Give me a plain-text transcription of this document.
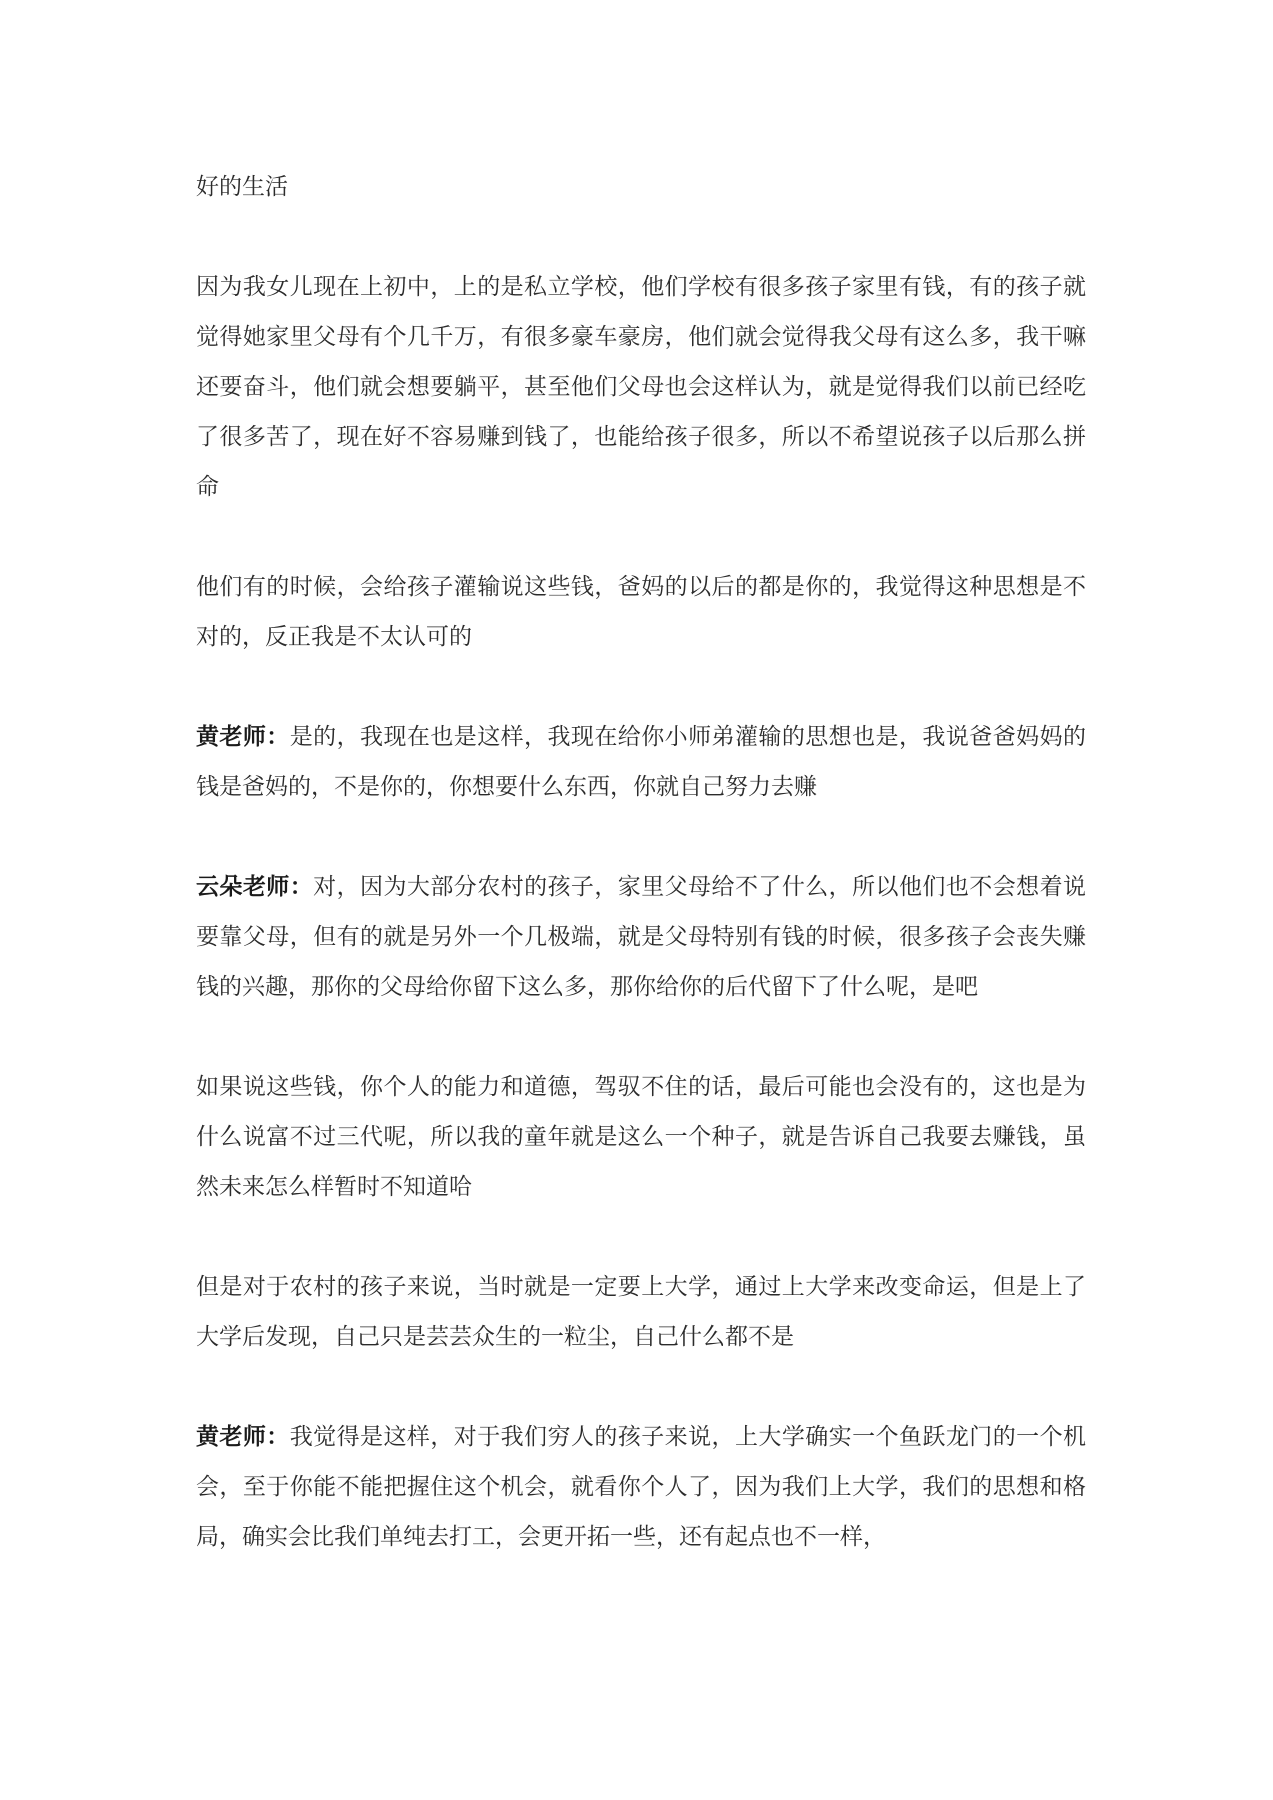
好的生活

因为我女儿现在上初中，上的是私立学校，他们学校有很多孩子家里有钱，有的孩子就觉得她家里父母有个几千万，有很多豪车豪房，他们就会觉得我父母有这么多，我干嘛还要奋斗，他们就会想要躺平，甚至他们父母也会这样认为，就是觉得我们以前已经吃了很多苦了，现在好不容易赚到钱了，也能给孩子很多，所以不希望说孩子以后那么拼命

他们有的时候，会给孩子灌输说这些钱，爸妈的以后的都是你的，我觉得这种思想是不对的，反正我是不太认可的

黄老师：是的，我现在也是这样，我现在给你小师弟灌输的思想也是，我说爸爸妈妈的钱是爸妈的，不是你的，你想要什么东西，你就自己努力去赚

云朵老师：对，因为大部分农村的孩子，家里父母给不了什么，所以他们也不会想着说要靠父母，但有的就是另外一个几极端，就是父母特别有钱的时候，很多孩子会丧失赚钱的兴趣，那你的父母给你留下这么多，那你给你的后代留下了什么呢，是吧

如果说这些钱，你个人的能力和道德，驾驭不住的话，最后可能也会没有的，这也是为什么说富不过三代呢，所以我的童年就是这么一个种子，就是告诉自己我要去赚钱，虽然未来怎么样暂时不知道哈

但是对于农村的孩子来说，当时就是一定要上大学，通过上大学来改变命运，但是上了大学后发现，自己只是芸芸众生的一粒尘，自己什么都不是

黄老师：我觉得是这样，对于我们穷人的孩子来说，上大学确实一个鱼跃龙门的一个机会，至于你能不能把握住这个机会，就看你个人了，因为我们上大学，我们的思想和格局，确实会比我们单纯去打工，会更开拓一些，还有起点也不一样，
